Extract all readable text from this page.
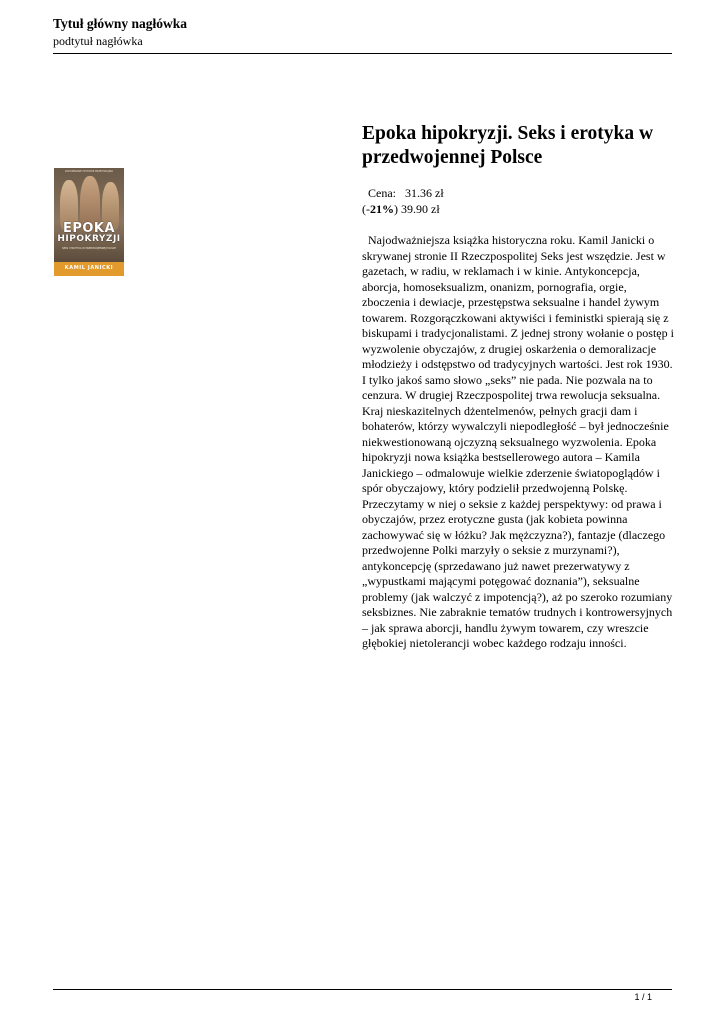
Tytuł główny nagłówka
podtytuł nagłówka
ZAPOMNIANE HISTORIE PRZEDWOJNIA
EPOKA
HIPOKRYZJI
SEKS I EROTYKA W PRZEDWOJENNEJ POLSCE
KAMIL JANICKI
Epoka hipokryzji. Seks i erotyka w przedwojennej Polsce
Cena: 31.36 zł
(-21%) 39.90 zł

Najodważniejsza książka historyczna roku. Kamil Janicki o skrywanej stronie II Rzeczpospolitej Seks jest wszędzie. Jest w gazetach, w radiu, w reklamach i w kinie. Antykoncepcja, aborcja, homoseksualizm, onanizm, pornografia, orgie, zboczenia i dewiacje, przestępstwa seksualne i handel żywym towarem. Rozgorączkowani aktywiści i feministki spierają się z biskupami i tradycjonalistami. Z jednej strony wołanie o postęp i wyzwolenie obyczajów, z drugiej oskarżenia o demoralizacje młodzieży i odstępstwo od tradycyjnych wartości. Jest rok 1930. I tylko jakoś samo słowo „seks” nie pada. Nie pozwala na to cenzura. W drugiej Rzeczpospolitej trwa rewolucja seksualna. Kraj nieskazitelnych dżentelmenów, pełnych gracji dam i bohaterów, którzy wywalczyli niepodległość – był jednocześnie niekwestionowaną ojczyzną seksualnego wyzwolenia. Epoka hipokryzji nowa książka bestsellerowego autora – Kamila Janickiego – odmalowuje wielkie zderzenie światopoglądów i spór obyczajowy, który podzielił przedwojenną Polskę. Przeczytamy w niej o seksie z każdej perspektywy: od prawa i obyczajów, przez erotyczne gusta (jak kobieta powinna zachowywać się w łóżku? Jak mężczyzna?), fantazje (dlaczego przedwojenne Polki marzyły o seksie z murzynami?), antykoncepcję (sprzedawano już nawet prezerwatywy z „wypustkami mającymi potęgować doznania”), seksualne problemy (jak walczyć z impotencją?), aż po szeroko rozumiany seksbiznes. Nie zabraknie tematów trudnych i kontrowersyjnych – jak sprawa aborcji, handlu żywym towarem, czy wreszcie głębokiej nietolerancji wobec każdego rodzaju inności.

1 / 1
